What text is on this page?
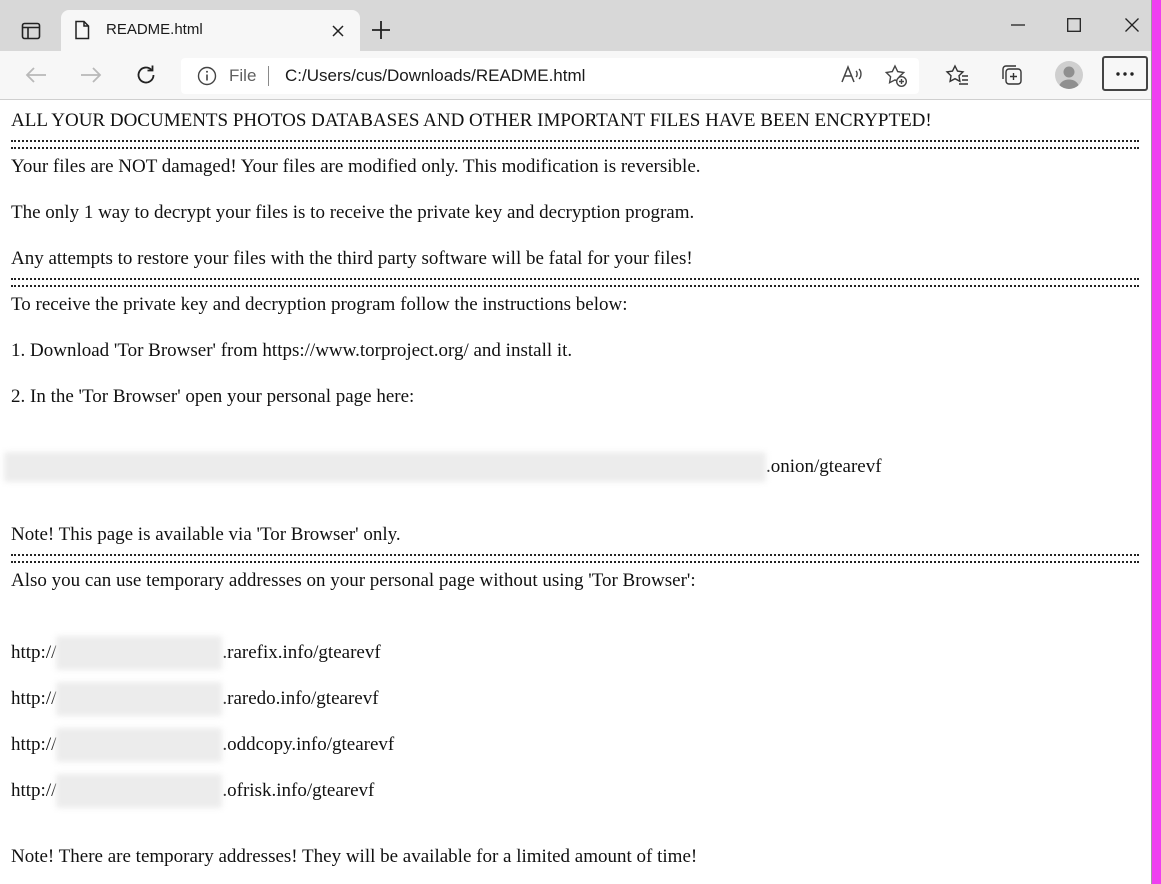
README.html
File C:/Users/cus/Downloads/README.html
ALL YOUR DOCUMENTS PHOTOS DATABASES AND OTHER IMPORTANT FILES HAVE BEEN ENCRYPTED!
Your files are NOT damaged! Your files are modified only. This modification is reversible.
The only 1 way to decrypt your files is to receive the private key and decryption program.
Any attempts to restore your files with the third party software will be fatal for your files!
To receive the private key and decryption program follow the instructions below:
1. Download 'Tor Browser' from https://www.torproject.org/ and install it.
2. In the 'Tor Browser' open your personal page here:
.onion/gtearevf
Note! This page is available via 'Tor Browser' only.
Also you can use temporary addresses on your personal page without using 'Tor Browser':
http://	.rarefix.info/gtearevf
http://	.raredo.info/gtearevf
http://	.oddcopy.info/gtearevf
http://	.ofrisk.info/gtearevf
Note! There are temporary addresses! They will be available for a limited amount of time!
